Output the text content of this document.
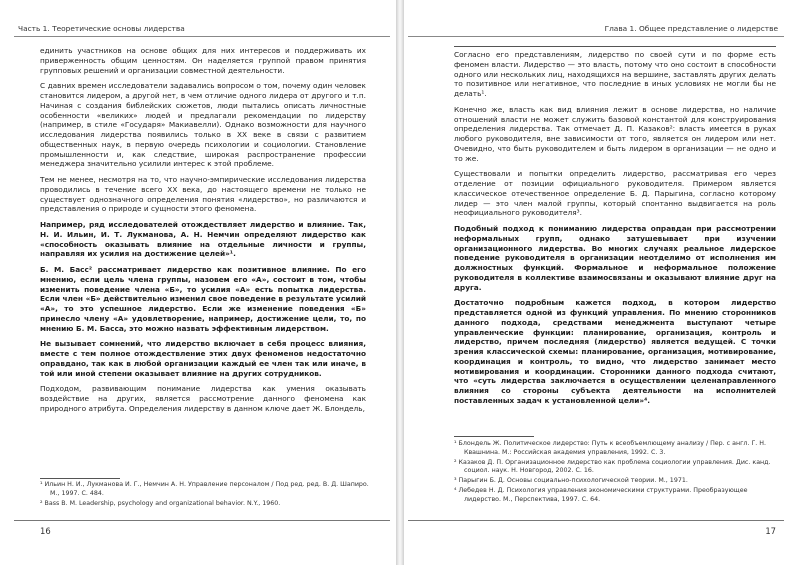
Часть 1. Теоретические основы лидерства

единить участников на основе общих для них интересов и поддерживать их приверженность общим ценностям. Он наделяется группой правом принятия групповых решений и организации совместной деятельности.

С давних времен исследователи задавались вопросом о том, почему один человек становится лидером, а другой нет, в чем отличие одного лидера от другого и т.п. Начиная с создания библейских сюжетов, люди пытались описать личностные особенности «великих» людей и предлагали рекомендации по лидерству (например, в стиле «Государя» Макиавелли). Однако возможности для научного исследования лидерства появились только в XX веке в связи с развитием общественных наук, в первую очередь психологии и социологии. Становление промышленности и, как следствие, широкая распространение профессии менеджера значительно усилили интерес к этой проблеме.

Тем не менее, несмотря на то, что научно-эмпирические исследования лидерства проводились в течение всего XX века, до настоящего времени не только не существует однозначного определения понятия «лидерство», но различаются и представления о природе и сущности этого феномена.

Например, ряд исследователей отождествляет лидерство и влияние. Так, Н. И. Ильин, И. Т. Лукманова, А. Н. Немчин определяют лидерство как «способность оказывать влияние на отдельные личности и группы, направляя их усилия на достижение целей»¹.

Б. М. Басс² рассматривает лидерство как позитивное влияние. По его мнению, если цель члена группы, назовем его «А», состоит в том, чтобы изменить поведение члена «Б», то усилия «А» есть попытка лидерства. Если член «Б» действительно изменил свое поведение в результате усилий «А», то это успешное лидерство. Если же изменение поведения «Б» принесло члену «А» удовлетворение, например, достижение цели, то, по мнению Б. М. Басса, это можно назвать эффективным лидерством.

Не вызывает сомнений, что лидерство включает в себя процесс влияния, вместе с тем полное отождествление этих двух феноменов недостаточно оправдано, так как в любой организации каждый ее член так или иначе, в той или иной степени оказывает влияние на других сотрудников.

Подходом, развивающим понимание лидерства как умения оказывать воздействие на других, является рассмотрение данного феномена как природного атрибута. Определения лидерству в данном ключе дает Ж. Блондель,

¹ Ильин Н. И., Лукманова И. Г., Немчин А. Н. Управление персоналом / Под ред. ред. В. Д. Шапиро. М., 1997. С. 484.
² Bass B. M. Leadership, psychology and organizational behavior. N.Y., 1960.
16
Глава 1. Общее представление о лидерстве

Согласно его представлениям, лидерство по своей сути и по форме есть феномен власти. Лидерство — это власть, потому что оно состоит в способности одного или нескольких лиц, находящихся на вершине, заставлять других делать то позитивное или негативное, что последние в иных условиях не могли бы не делать¹.

Конечно же, власть как вид влияния лежит в основе лидерства, но наличие отношений власти не может служить базовой константой для конструирования определения лидерства. Так отмечает Д. П. Казаков²: власть имеется в руках любого руководителя, вне зависимости от того, является он лидером или нет. Очевидно, что быть руководителем и быть лидером в организации — не одно и то же.

Существовали и попытки определить лидерство, рассматривая его через отделение от позиции официального руководителя. Примером является классическое отечественное определение Б. Д. Парыгина, согласно которому лидер — это член малой группы, который спонтанно выдвигается на роль неофициального руководителя³.

Подобный подход к пониманию лидерства оправдан при рассмотрении неформальных групп, однако затушевывает при изучении организационного лидерства. Во многих случаях реальное лидерское поведение руководителя в организации неотделимо от исполнения им должностных функций. Формальное и неформальное положение руководителя в коллективе взаимосвязаны и оказывают влияние друг на друга.

Достаточно подробным кажется подход, в котором лидерство представляется одной из функций управления. По мнению сторонников данного подхода, средствами менеджмента выступают четыре управленческие функции: планирование, организация, контроль и лидерство, причем последняя (лидерство) является ведущей. С точки зрения классической схемы: планирование, организация, мотивирование, координация и контроль, то видно, что лидерство занимает место мотивирования и координации. Сторонники данного подхода считают, что «суть лидерства заключается в осуществлении целенаправленного влияния со стороны субъекта деятельности на исполнителей поставленных задач к установленной цели»⁴.

¹ Блондель Ж. Политическое лидерство: Путь к всеобъемлющему анализу / Пер. с англ. Г. Н. Квашнина. М.: Российская академия управления, 1992. С. 3.
² Казаков Д. П. Организационное лидерство как проблема социологии управления. Дис. канд. социол. наук. Н. Новгород, 2002. С. 16.
³ Парыгин Б. Д. Основы социально-психологической теории. М., 1971.
⁴ Лебедев Н. Д. Психология управления экономическими структурами. Преобразующее лидерство. М., Перспектива, 1997. С. 64.
17
